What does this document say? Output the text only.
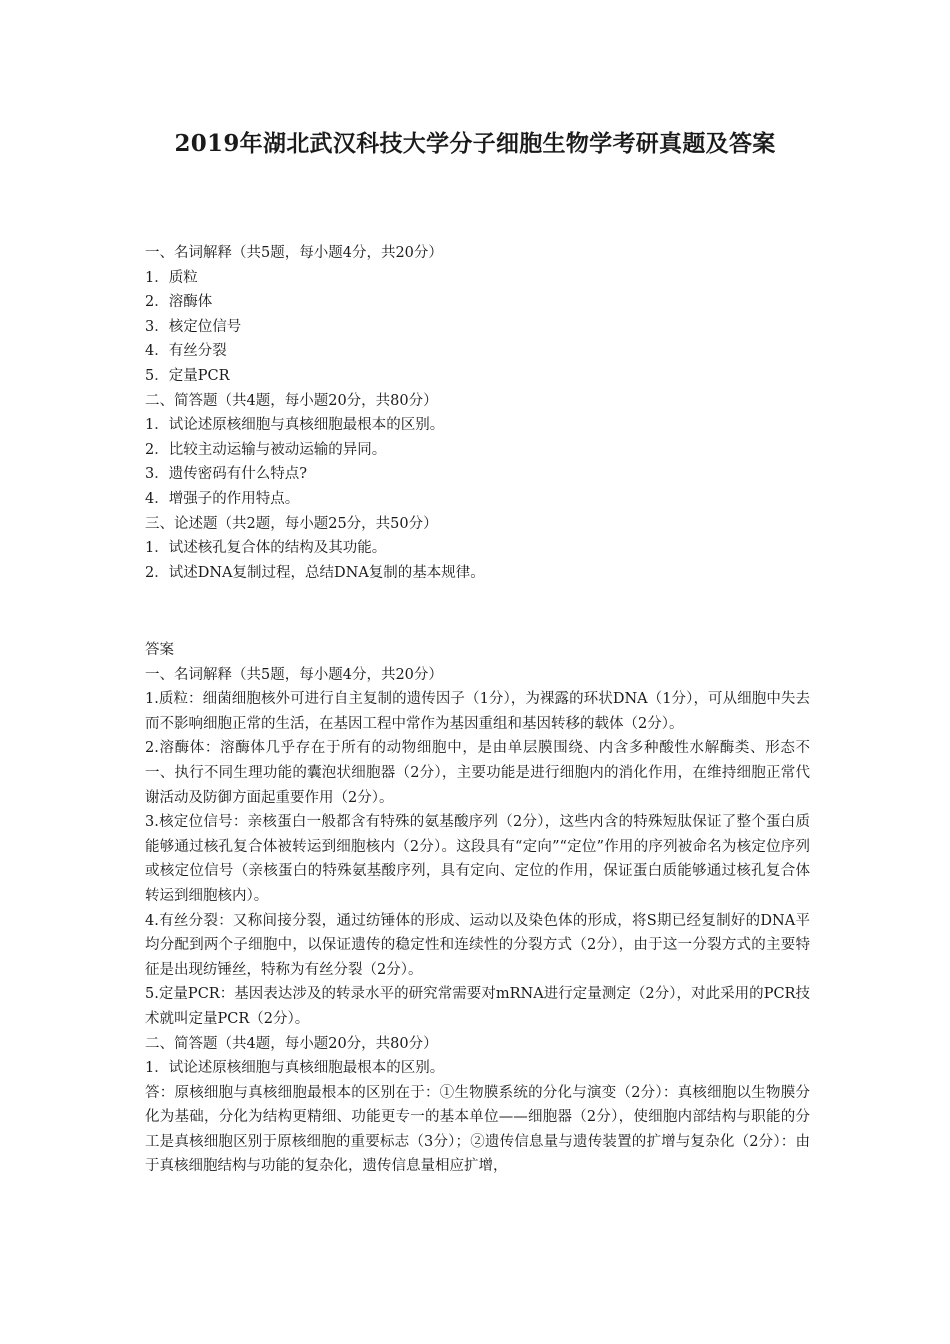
2019年湖北武汉科技大学分子细胞生物学考研真题及答案

一、名词解释（共5题，每小题4分，共20分）

1．质粒

2．溶酶体

3．核定位信号

4．有丝分裂

5．定量PCR

二、简答题（共4题，每小题20分，共80分）

1．试论述原核细胞与真核细胞最根本的区别。

2．比较主动运输与被动运输的异同。

3．遗传密码有什么特点?

4．增强子的作用特点。

三、论述题（共2题，每小题25分，共50分）

1．试述核孔复合体的结构及其功能。

2．试述DNA复制过程，总结DNA复制的基本规律。

答案

一、名词解释（共5题，每小题4分，共20分）

1.质粒：细菌细胞核外可进行自主复制的遗传因子（1分），为裸露的环状DNA（1分），可从细胞中失去而不影响细胞正常的生活，在基因工程中常作为基因重组和基因转移的载体（2分）。

2.溶酶体：溶酶体几乎存在于所有的动物细胞中，是由单层膜围绕、内含多种酸性水解酶类、形态不一、执行不同生理功能的囊泡状细胞器（2分），主要功能是进行细胞内的消化作用，在维持细胞正常代谢活动及防御方面起重要作用（2分）。

3.核定位信号：亲核蛋白一般都含有特殊的氨基酸序列（2分），这些内含的特殊短肽保证了整个蛋白质能够通过核孔复合体被转运到细胞核内（2分）。这段具有“定向”“定位”作用的序列被命名为核定位序列或核定位信号（亲核蛋白的特殊氨基酸序列，具有定向、定位的作用，保证蛋白质能够通过核孔复合体转运到细胞核内）。

4.有丝分裂：又称间接分裂，通过纺锤体的形成、运动以及染色体的形成，将S期已经复制好的DNA平均分配到两个子细胞中，以保证遗传的稳定性和连续性的分裂方式（2分），由于这一分裂方式的主要特征是出现纺锤丝，特称为有丝分裂（2分）。

5.定量PCR：基因表达涉及的转录水平的研究常需要对mRNA进行定量测定（2分），对此采用的PCR技术就叫定量PCR（2分）。

二、简答题（共4题，每小题20分，共80分）

1．试论述原核细胞与真核细胞最根本的区别。

答：原核细胞与真核细胞最根本的区别在于：①生物膜系统的分化与演变（2分）：真核细胞以生物膜分化为基础，分化为结构更精细、功能更专一的基本单位——细胞器（2分），使细胞内部结构与职能的分工是真核细胞区别于原核细胞的重要标志（3分）；②遗传信息量与遗传装置的扩增与复杂化（2分）：由于真核细胞结构与功能的复杂化，遗传信息量相应扩增，
